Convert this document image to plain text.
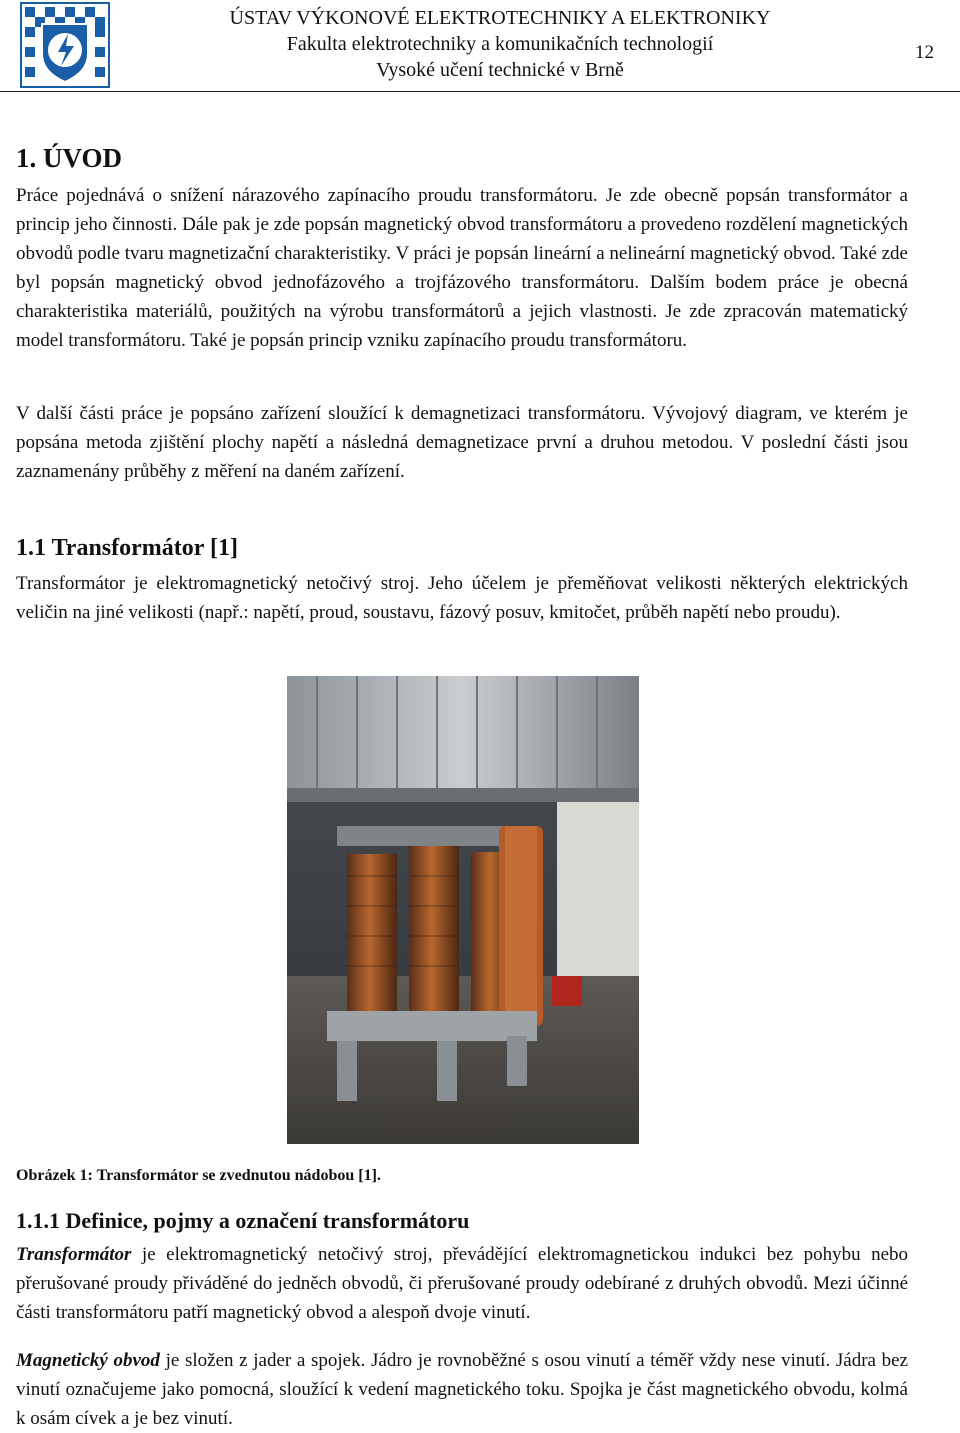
ÚSTAV VÝKONOVÉ ELEKTROTECHNIKY A ELEKTRONIKY
Fakulta elektrotechniky a komunikačních technologií
Vysoké učení technické v Brně
12
1. ÚVOD

Práce pojednává o snížení nárazového zapínacího proudu transformátoru. Je zde obecně popsán transformátor a princip jeho činnosti. Dále pak je zde popsán magnetický obvod transformátoru a provedeno rozdělení magnetických obvodů podle tvaru magnetizační charakteristiky. V práci je popsán lineární a nelineární magnetický obvod. Také zde byl popsán magnetický obvod jednofázového a trojfázového transformátoru. Dalším bodem práce je obecná charakteristika materiálů, použitých na výrobu transformátorů a jejich vlastnosti. Je zde zpracován matematický model transformátoru. Také je popsán princip vzniku zapínacího proudu transformátoru.

V další části práce je popsáno zařízení sloužící k demagnetizaci transformátoru. Vývojový diagram, ve kterém je popsána metoda zjištění plochy napětí a následná demagnetizace první a druhou metodou. V poslední části jsou zaznamenány průběhy z měření na daném zařízení.

1.1 Transformátor [1]

Transformátor je elektromagnetický netočivý stroj. Jeho účelem je přeměňovat velikosti některých elektrických veličin na jiné velikosti (např.: napětí, proud, soustavu, fázový posuv, kmitočet, průběh napětí nebo proudu).

Obrázek 1: Transformátor se zvednutou nádobou [1].
1.1.1 Definice, pojmy a označení transformátoru

Transformátor je elektromagnetický netočivý stroj, převádějící elektromagnetickou indukci bez pohybu nebo přerušované proudy přiváděné do jedněch obvodů, či přerušované proudy odebírané z druhých obvodů. Mezi účinné části transformátoru patří magnetický obvod a alespoň dvoje vinutí.

Magnetický obvod je složen z jader a spojek. Jádro je rovnoběžné s osou vinutí a téměř vždy nese vinutí. Jádra bez vinutí označujeme jako pomocná, sloužící k vedení magnetického toku. Spojka je část magnetického obvodu, kolmá k osám cívek a je bez vinutí.
